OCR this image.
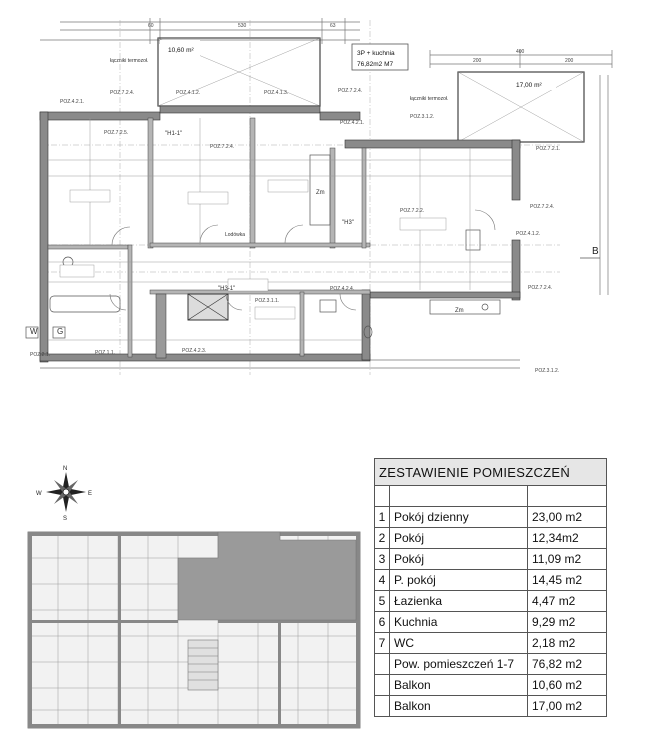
60	530	63
400
200	200
10,60 m²
17,00 m²
3P + kuchnia
76,82m2 M7
łączniki termozoł.
łączniki termozoł.
"H1-1"
"H3-1"
"H3"
Zm
Zm
Lodówka
W G
B
POZ.7.2.4.	POZ.4.1.2.	POZ.4.1.3.	POZ.7.2.4.
POZ.4.2.1.
POZ.7.2.5.
POZ.7.2.4.
POZ.4.2.1.
POZ.3.1.2.
POZ.7.2.1.
POZ.7.2.4.
POZ.4.1.2.
POZ.7.2.2.
POZ.3.1.1.
POZ.4.2.4.
POZ.1.1.	POZ.4.2.3.
POZ.3.1.2.
POZ.7.2.4.
POZ.2.1.
N
S
E
W
ZESTAWIENIE POMIESZCZEŃ		

1	Pokój dzienny	23,00 m2
2	Pokój	12,34m2
3	Pokój	11,09 m2
4	P. pokój	14,45 m2
5	Łazienka	4,47 m2
6	Kuchnia	9,29 m2
7	WC	2,18 m2
	Pow. pomieszczeń 1-7	76,82 m2
	Balkon	10,60 m2
	Balkon	17,00 m2
